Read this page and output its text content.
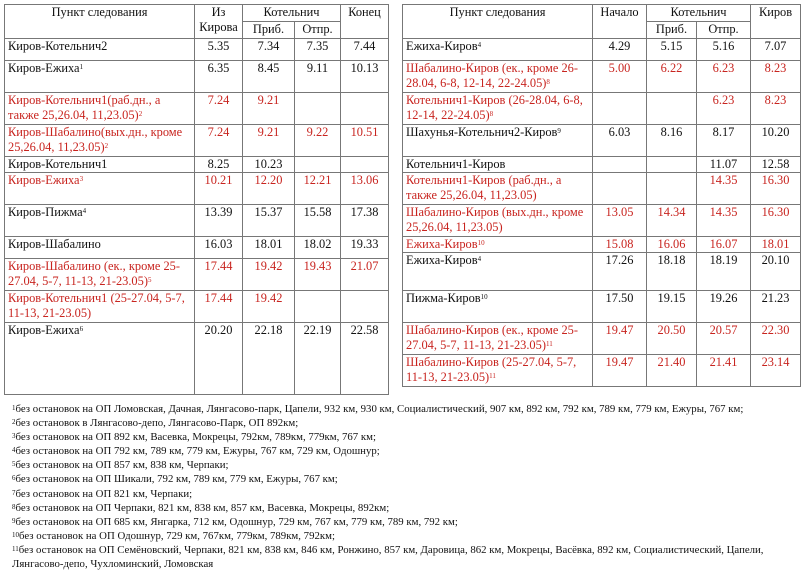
Пункт следования	Из Кирова	Котельнич		Конец
		Приб.	Отпр.	
Киров-Котельнич2	5.35	7.34	7.35	7.44
Киров-Ежиха$^1$	6.35	8.45	9.11	10.13
Киров-Котельнич1(раб.дн., а также 25,26.04, 11,23.05)$^2$	7.24	9.21		
Киров-Шабалино(вых.дн., кроме 25,26.04, 11,23.05)$^2$	7.24	9.21	9.22	10.51
Киров-Котельнич1	8.25	10.23		
Киров-Ежиха$^3$	10.21	12.20	12.21	13.06
Киров-Пижма$^4$	13.39	15.37	15.58	17.38
Киров-Шабалино	16.03	18.01	18.02	19.33
Киров-Шабалино (ек., кроме 25-27.04, 5-7, 11-13, 21-23.05)$^5$	17.44	19.42	19.43	21.07
Киров-Котельнич1 (25-27.04, 5-7, 11-13, 21-23.05)	17.44	19.42		
Киров-Ежиха$^6$	20.20	22.18	22.19	22.58
Пункт следования	Начало	Котельнич		Киров
		Приб.	Отпр.	
Ежиха-Киров$^4$	4.29	5.15	5.16	7.07
Шабалино-Киров (ек., кроме 26-28.04, 6-8, 12-14, 22-24.05)$^8$	5.00	6.22	6.23	8.23
Котельнич1-Киров (26-28.04, 6-8, 12-14, 22-24.05)$^8$			6.23	8.23
Шахунья-Котельнич2-Киров$^9$	6.03	8.16	8.17	10.20
Котельнич1-Киров			11.07	12.58
Котельнич1-Киров (раб.дн., а также 25,26.04, 11,23.05)			14.35	16.30
Шабалино-Киров (вых.дн., кроме 25,26.04, 11,23.05)	13.05	14.34	14.35	16.30
Ежиха-Киров$^{10}$	15.08	16.06	16.07	18.01
Ежиха-Киров$^4$	17.26	18.18	18.19	20.10
Пижма-Киров$^{10}$	17.50	19.15	19.26	21.23
Шабалино-Киров (ек., кроме 25-27.04, 5-7, 11-13, 21-23.05)$^{11}$	19.47	20.50	20.57	22.30
Шабалино-Киров (25-27.04, 5-7, 11-13, 21-23.05)$^{11}$	19.47	21.40	21.41	23.14
$^1$без остановок на ОП Ломовская, Дачная, Лянгасово-парк, Цапели, 932 км, 930 км, Социалистический, 907 км, 892 км, 792 км, 789 км, 779 км, Ежуры, 767 км;
$^2$без остановок в Лянгасово-депо, Лянгасово-Парк, ОП 892км;
$^3$без остановок на ОП 892 км, Васевка, Мокрецы, 792км, 789км, 779км, 767 км;
$^4$без остановок на ОП 792 км, 789 км, 779 км, Ежуры, 767 км, 729 км, Одошнур;
$^5$без остановок на ОП 857 км, 838 км, Черпаки;
$^6$без остановок на ОП Шикали, 792 км, 789 км, 779 км, Ежуры, 767 км;
$^7$без остановок на ОП 821 км, Черпаки;
$^8$без остановок на ОП Черпаки, 821 км, 838 км, 857 км, Васевка, Мокрецы, 892км;
$^9$без остановок на ОП 685 км, Янгарка, 712 км, Одошнур, 729 км, 767 км, 779 км, 789 км, 792 км;
$^{10}$без остановок на ОП Одошнур, 729 км, 767км, 779км, 789км, 792км;
$^{11}$без остановок на ОП Семёновский, Черпаки, 821 км, 838 км, 846 км, Ронжино, 857 км, Даровица, 862 км, Мокрецы, Васёвка, 892 км, Социалистический, Цапели, Лянгасово-депо, Чухломинский, Ломовская
